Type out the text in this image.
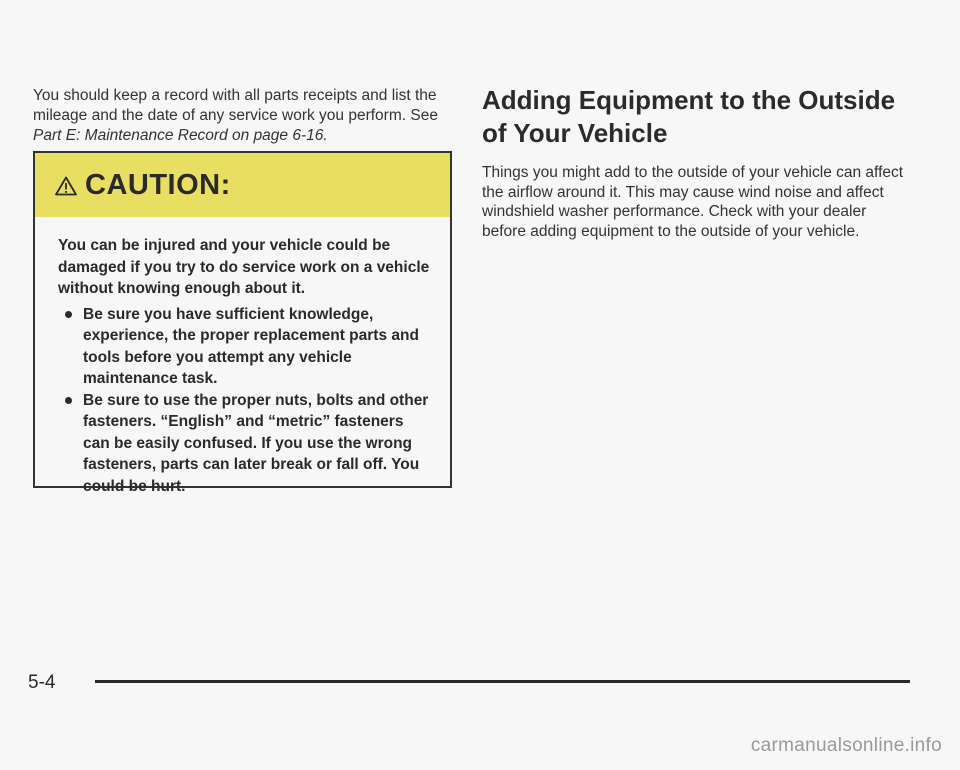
You should keep a record with all parts receipts and list the mileage and the date of any service work you perform. See Part E: Maintenance Record on page 6-16.

CAUTION:
You can be injured and your vehicle could be damaged if you try to do service work on a vehicle without knowing enough about it.
Be sure you have sufficient knowledge, experience, the proper replacement parts and tools before you attempt any vehicle maintenance task.
Be sure to use the proper nuts, bolts and other fasteners. “English” and “metric” fasteners can be easily confused. If you use the wrong fasteners, parts can later break or fall off. You could be hurt.
Adding Equipment to the Outside of Your Vehicle

Things you might add to the outside of your vehicle can affect the airflow around it. This may cause wind noise and affect windshield washer performance. Check with your dealer before adding equipment to the outside of your vehicle.

5-4
carmanualsonline.info
